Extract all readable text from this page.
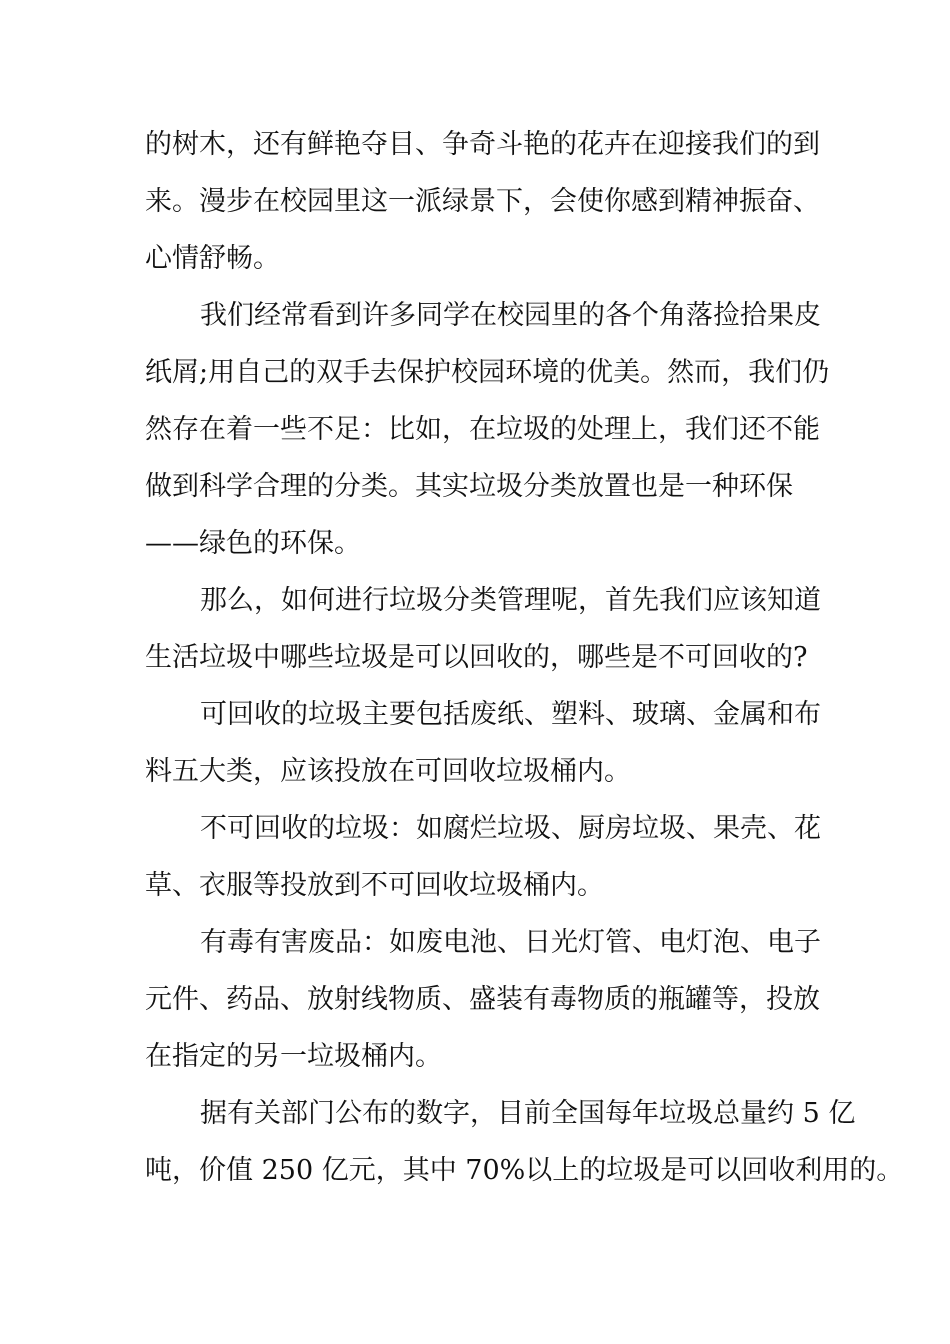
的树木，还有鲜艳夺目、争奇斗艳的花卉在迎接我们的到
来。漫步在校园里这一派绿景下，会使你感到精神振奋、
心情舒畅。
我们经常看到许多同学在校园里的各个角落捡拾果皮
纸屑;用自己的双手去保护校园环境的优美。然而，我们仍
然存在着一些不足：比如，在垃圾的处理上，我们还不能
做到科学合理的分类。其实垃圾分类放置也是一种环保
——绿色的环保。
那么，如何进行垃圾分类管理呢，首先我们应该知道
生活垃圾中哪些垃圾是可以回收的，哪些是不可回收的?
可回收的垃圾主要包括废纸、塑料、玻璃、金属和布
料五大类，应该投放在可回收垃圾桶内。
不可回收的垃圾：如腐烂垃圾、厨房垃圾、果壳、花
草、衣服等投放到不可回收垃圾桶内。
有毒有害废品：如废电池、日光灯管、电灯泡、电子
元件、药品、放射线物质、盛装有毒物质的瓶罐等，投放
在指定的另一垃圾桶内。
据有关部门公布的数字，目前全国每年垃圾总量约 5 亿
吨，价值 250 亿元，其中 70%以上的垃圾是可以回收利用的。
